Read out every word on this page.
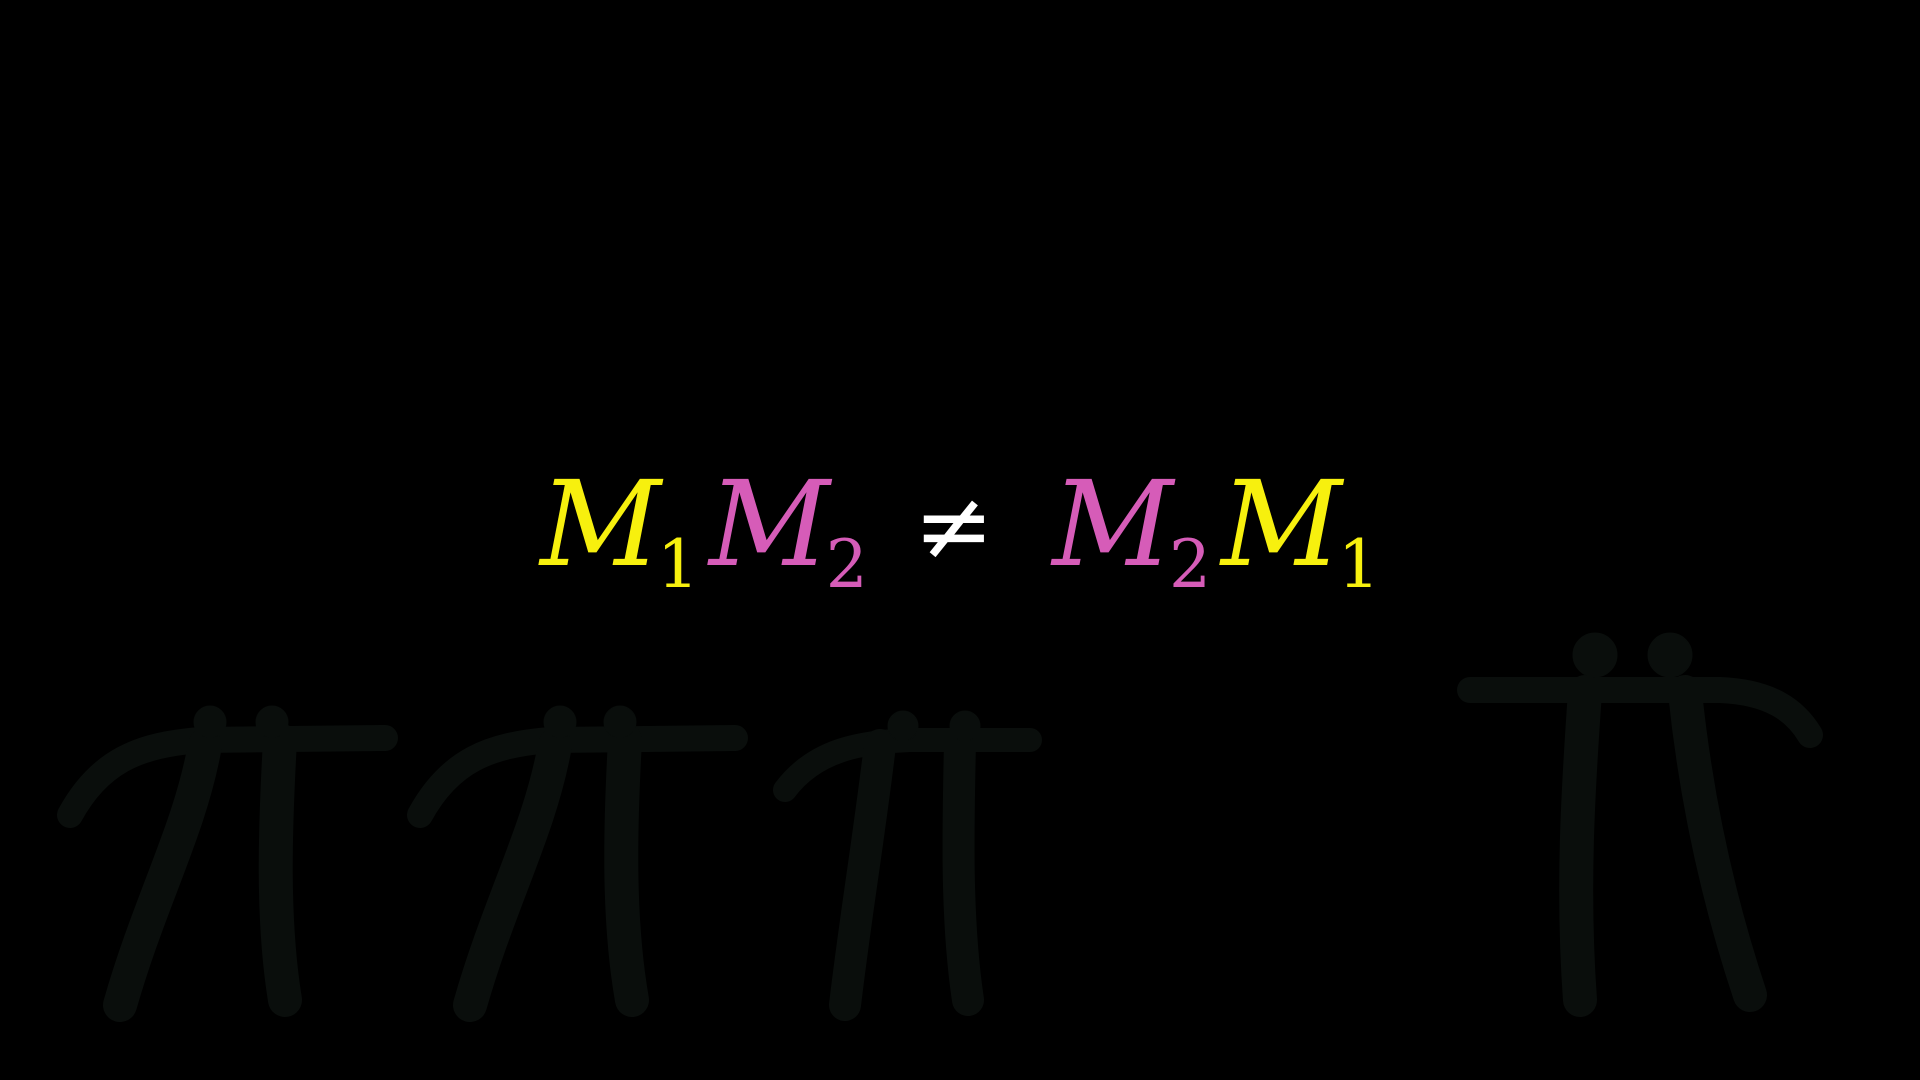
M1 M2 ≠ M2 M1
